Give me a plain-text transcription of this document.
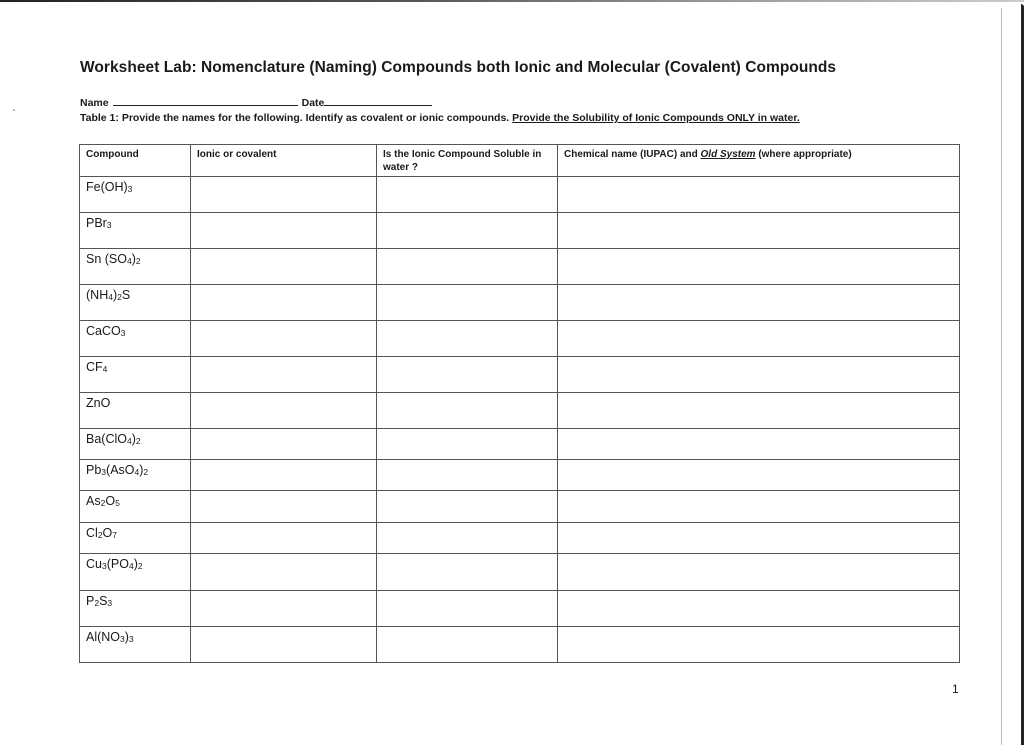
Worksheet Lab: Nomenclature (Naming) Compounds both Ionic and Molecular (Covalent) Compounds
Name	Date
Table 1: Provide the names for the following. Identify as covalent or ionic compounds. Provide the Solubility of Ionic Compounds ONLY in water.
Compound	Ionic or covalent	Is the Ionic Compound Soluble in water ?	Chemical name (IUPAC) and Old System (where appropriate)
Fe(OH)3			
PBr3			
Sn (SO4)2			
(NH4)2S			
CaCO3			
CF4			
ZnO			
Ba(ClO4)2			
Pb3(AsO4)2			
As2O5			
Cl2O7			
Cu3(PO4)2			
P2S3			
Al(NO3)3			
1
